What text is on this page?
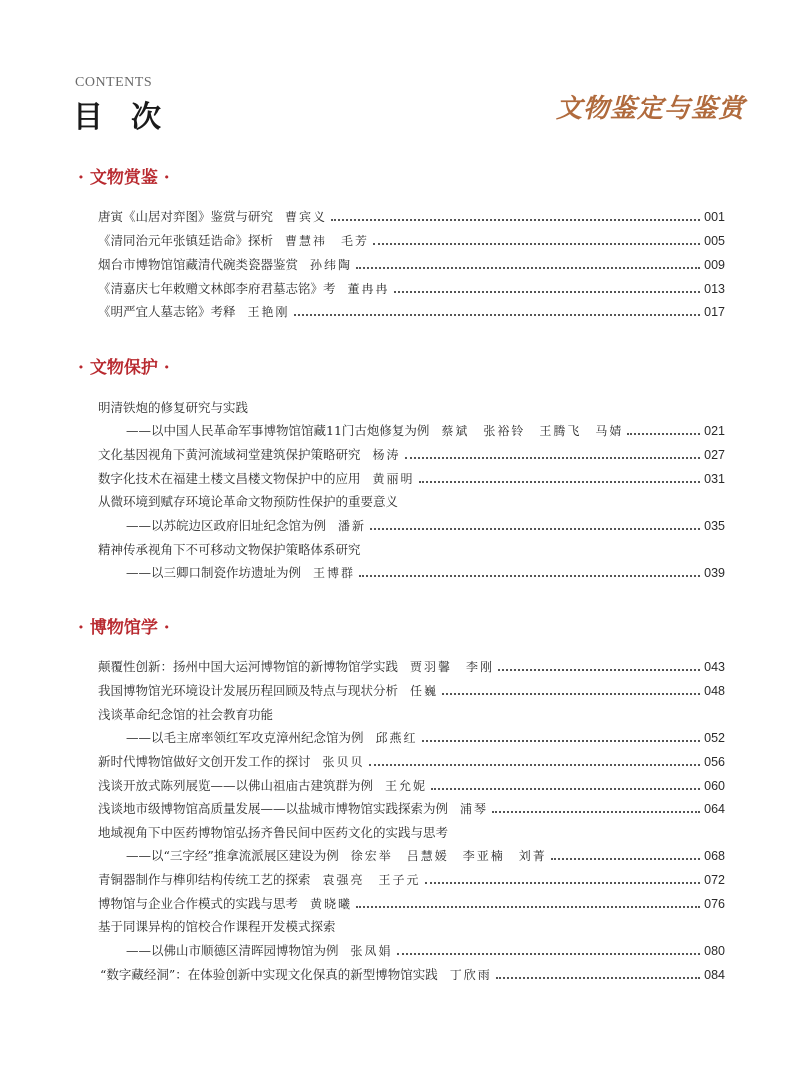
CONTENTS
目次	文物鉴定与鉴赏
· 文物赏鉴 ·
唐寅《山居对弈图》鉴赏与研究 曹宾义	001
《清同治元年张镇廷诰命》探析 曹慧祎　毛芳	005
烟台市博物馆馆藏清代碗类瓷器鉴赏 孙纬陶	009
《清嘉庆七年敕赠文林郎李府君墓志铭》考 董冉冉	013
《明严宜人墓志铭》考释 王艳刚	017
· 文物保护 ·
明清铁炮的修复研究与实践
——以中国人民革命军事博物馆馆藏11门古炮修复为例 蔡斌　张裕铃　王腾飞　马婧	021
文化基因视角下黄河流域祠堂建筑保护策略研究 杨涛	027
数字化技术在福建土楼文昌楼文物保护中的应用 黄丽明	031
从微环境到赋存环境论革命文物预防性保护的重要意义
——以苏皖边区政府旧址纪念馆为例 潘新	035
精神传承视角下不可移动文物保护策略体系研究
——以三卿口制瓷作坊遗址为例 王博群	039
· 博物馆学 ·
颠覆性创新：扬州中国大运河博物馆的新博物馆学实践 贾羽馨　李刚	043
我国博物馆光环境设计发展历程回顾及特点与现状分析 任巍	048
浅谈革命纪念馆的社会教育功能
——以毛主席率领红军攻克漳州纪念馆为例 邱燕红	052
新时代博物馆做好文创开发工作的探讨 张贝贝	056
浅谈开放式陈列展览——以佛山祖庙古建筑群为例 王允妮	060
浅谈地市级博物馆高质量发展——以盐城市博物馆实践探索为例 浦琴	064
地域视角下中医药博物馆弘扬齐鲁民间中医药文化的实践与思考
——以“三字经”推拿流派展区建设为例 徐宏举　吕慧媛　李亚楠　刘菁	068
青铜器制作与榫卯结构传统工艺的探索 袁强亮　王子元	072
博物馆与企业合作模式的实践与思考 黄晓曦	076
基于同课异构的馆校合作课程开发模式探索
——以佛山市顺德区清晖园博物馆为例 张凤娟	080
“数字藏经洞”：在体验创新中实现文化保真的新型博物馆实践 丁欣雨	084
